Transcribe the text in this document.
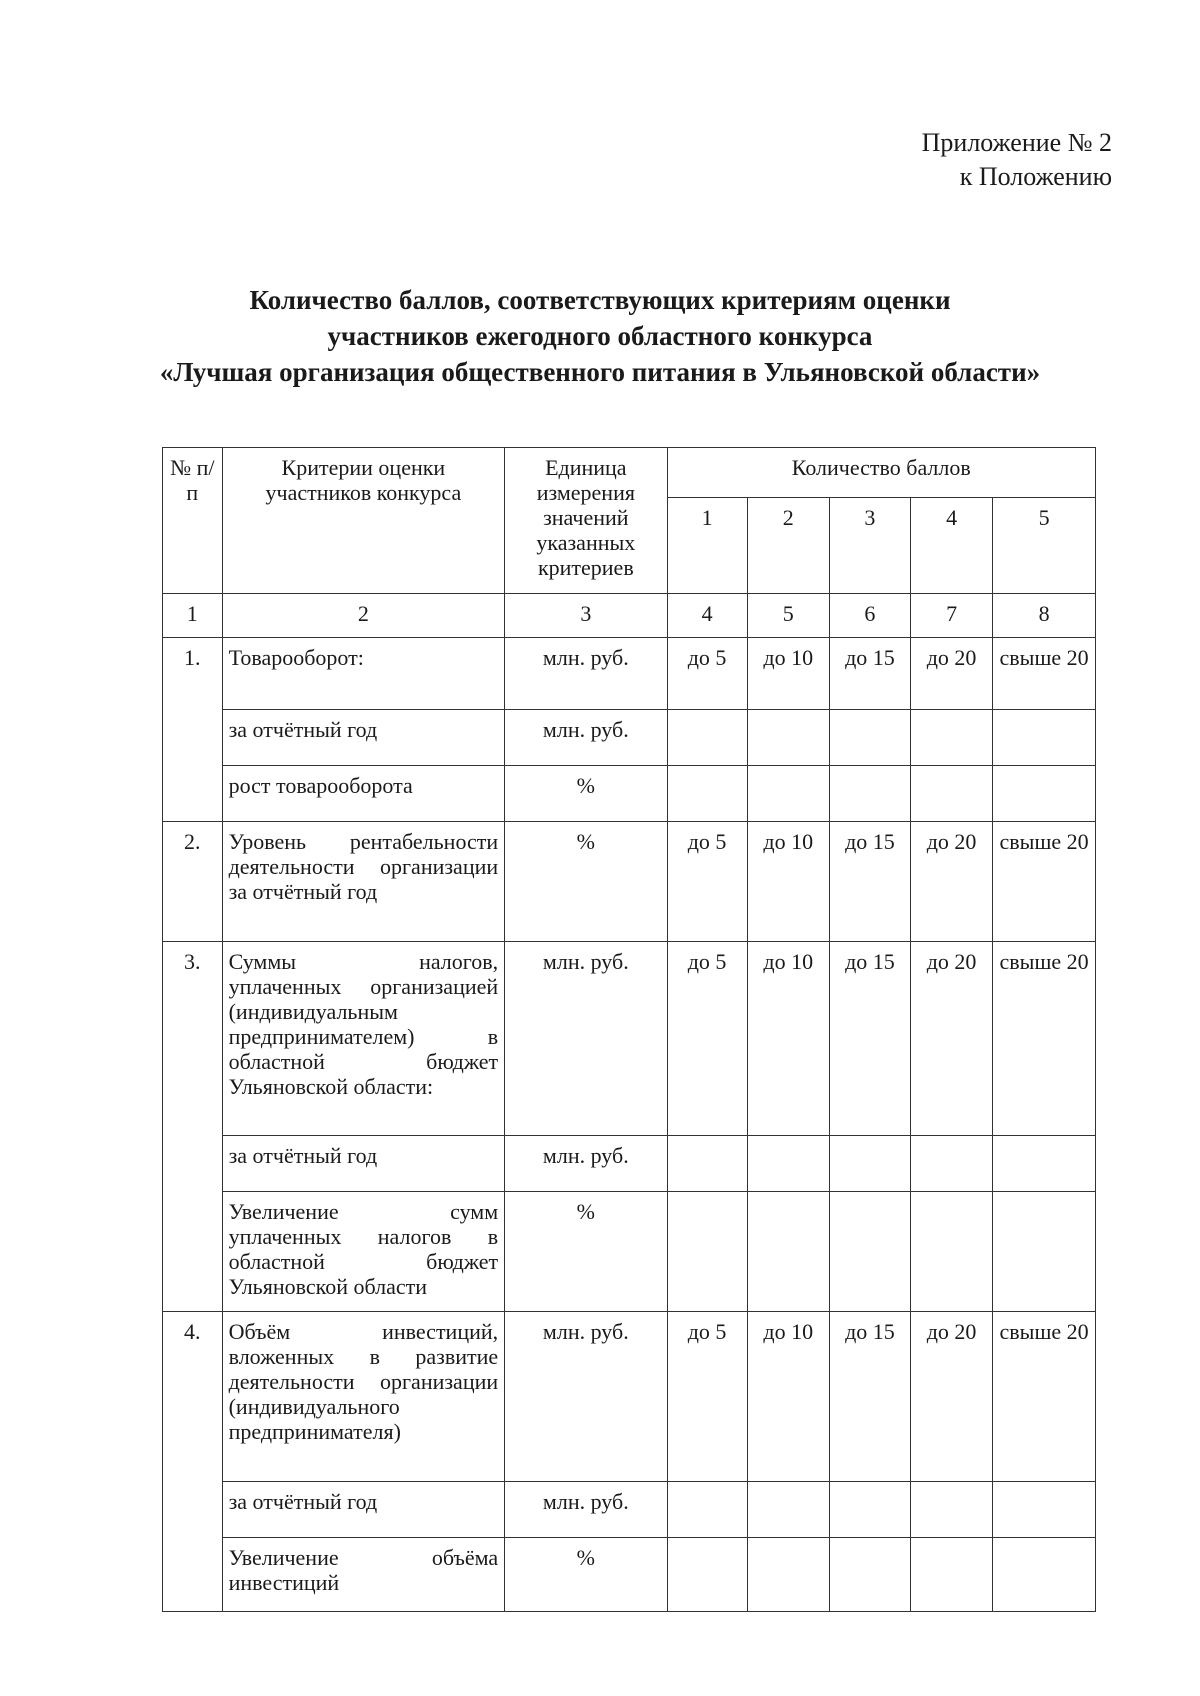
Приложение № 2
к Положению
Количество баллов, соответствующих критериям оценки
участников ежегодного областного конкурса
«Лучшая организация общественного питания в Ульяновской области»
№ п/п	Критерии оценки участников конкурса	Единица измерения значений указанных критериев	Количество баллов				
			1	2	3	4	5
1	2	3	4	5	6	7	8
1.	Товарооборот:	млн. руб.	до 5	до 10	до 15	до 20	свыше 20
	за отчётный год	млн. руб.					
	рост товарооборота	%					
2.	Уровень рентабельности деятельности организации за отчётный год	%	до 5	до 10	до 15	до 20	свыше 20
3.	Суммы налогов, уплаченных организацией (индивидуальным предпринимателем) в областной бюджет Ульяновской области:	млн. руб.	до 5	до 10	до 15	до 20	свыше 20
	за отчётный год	млн. руб.					
	Увеличение сумм уплаченных налогов в областной бюджет Ульяновской области	%					
4.	Объём инвестиций, вложенных в развитие деятельности организации (индивидуального предпринимателя)	млн. руб.	до 5	до 10	до 15	до 20	свыше 20
	за отчётный год	млн. руб.					
	Увеличение объёма инвестиций	%					
